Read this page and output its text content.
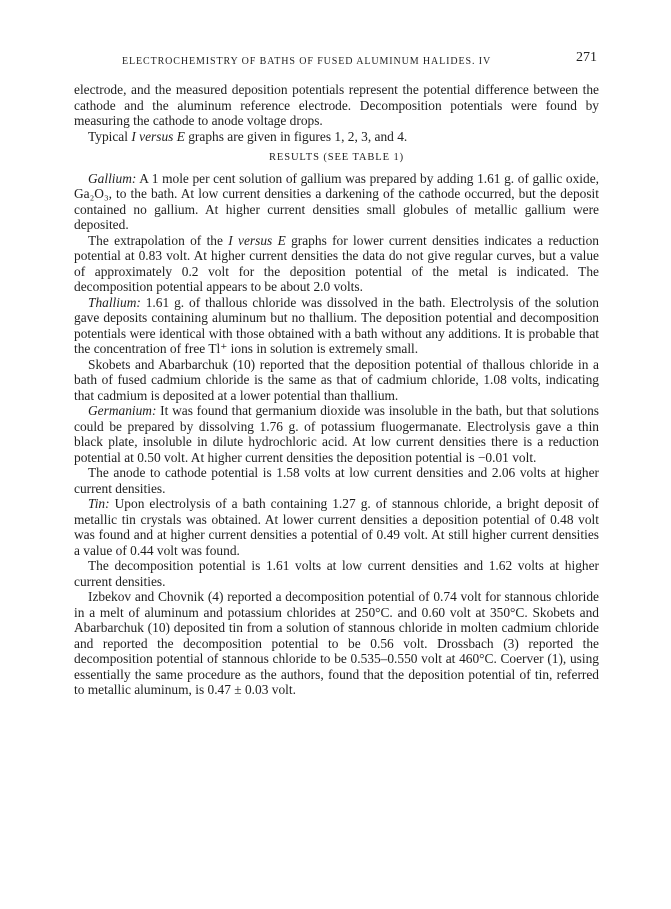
ELECTROCHEMISTRY OF BATHS OF FUSED ALUMINUM HALIDES. IV	271

electrode, and the measured deposition potentials represent the potential difference between the cathode and the aluminum reference electrode. Decomposition potentials were found by measuring the cathode to anode voltage drops.

Typical I versus E graphs are given in figures 1, 2, 3, and 4.

RESULTS (SEE TABLE 1)

Gallium: A 1 mole per cent solution of gallium was prepared by adding 1.61 g. of gallic oxide, Ga₂O₃, to the bath. At low current densities a darkening of the cathode occurred, but the deposit contained no gallium. At higher current densities small globules of metallic gallium were deposited.

The extrapolation of the I versus E graphs for lower current densities indicates a reduction potential at 0.83 volt. At higher current densities the data do not give regular curves, but a value of approximately 0.2 volt for the deposition potential of the metal is indicated. The decomposition potential appears to be about 2.0 volts.

Thallium: 1.61 g. of thallous chloride was dissolved in the bath. Electrolysis of the solution gave deposits containing aluminum but no thallium. The deposition potential and decomposition potentials were identical with those obtained with a bath without any additions. It is probable that the concentration of free Tl⁺ ions in solution is extremely small.

Skobets and Abarbarchuk (10) reported that the deposition potential of thallous chloride in a bath of fused cadmium chloride is the same as that of cadmium chloride, 1.08 volts, indicating that cadmium is deposited at a lower potential than thallium.

Germanium: It was found that germanium dioxide was insoluble in the bath, but that solutions could be prepared by dissolving 1.76 g. of potassium fluogermanate. Electrolysis gave a thin black plate, insoluble in dilute hydrochloric acid. At low current densities there is a reduction potential at 0.50 volt. At higher current densities the deposition potential is −0.01 volt.

The anode to cathode potential is 1.58 volts at low current densities and 2.06 volts at higher current densities.

Tin: Upon electrolysis of a bath containing 1.27 g. of stannous chloride, a bright deposit of metallic tin crystals was obtained. At lower current densities a deposition potential of 0.48 volt was found and at higher current densities a potential of 0.49 volt. At still higher current densities a value of 0.44 volt was found.

The decomposition potential is 1.61 volts at low current densities and 1.62 volts at higher current densities.

Izbekov and Chovnik (4) reported a decomposition potential of 0.74 volt for stannous chloride in a melt of aluminum and potassium chlorides at 250°C. and 0.60 volt at 350°C. Skobets and Abarbarchuk (10) deposited tin from a solution of stannous chloride in molten cadmium chloride and reported the decomposition potential to be 0.56 volt. Drossbach (3) reported the decomposition potential of stannous chloride to be 0.535–0.550 volt at 460°C. Coerver (1), using essentially the same procedure as the authors, found that the deposition potential of tin, referred to metallic aluminum, is 0.47 ± 0.03 volt.
